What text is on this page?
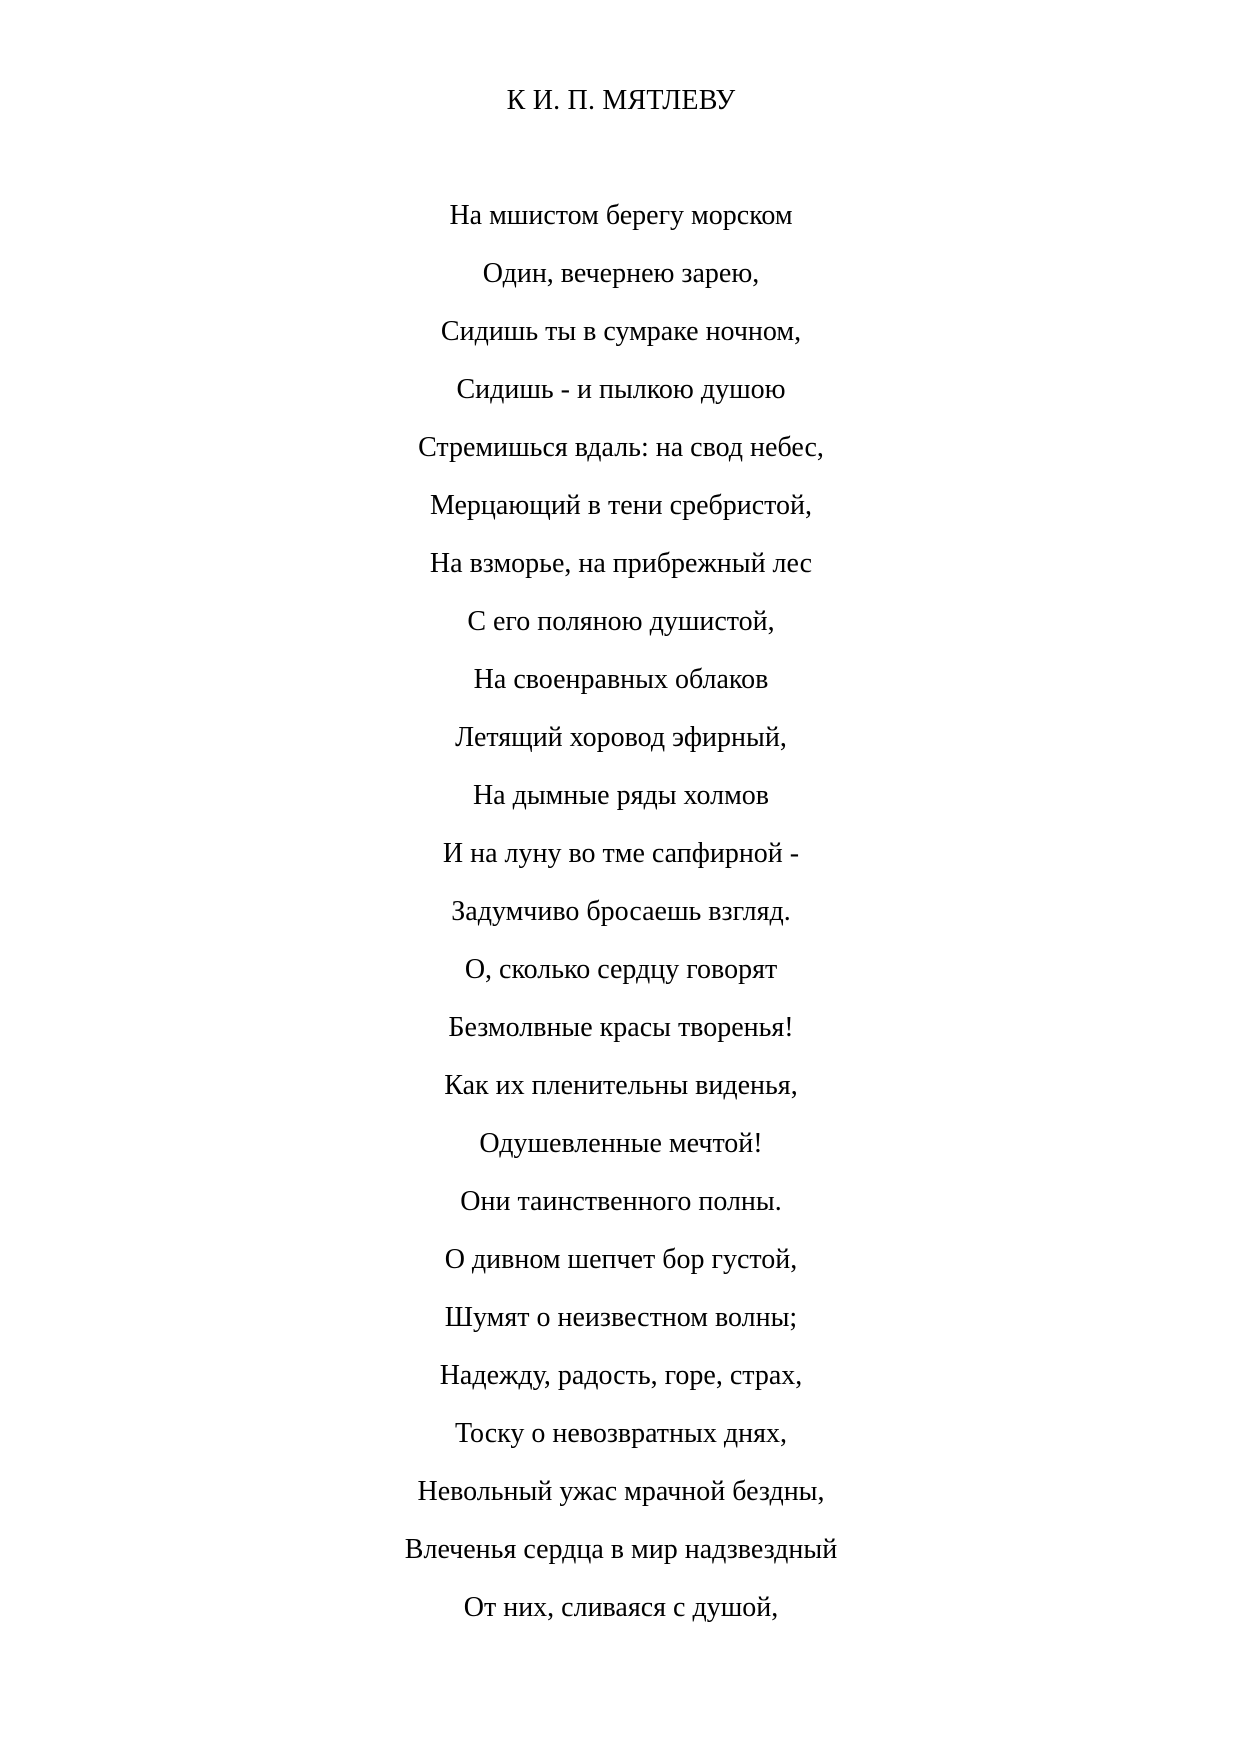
К И. П. МЯТЛЕВУ
На мшистом берегу морском
Один, вечернею зарею,
Сидишь ты в сумраке ночном,
Сидишь - и пылкою душою
Стремишься вдаль: на свод небес,
Мерцающий в тени сребристой,
На взморье, на прибрежный лес
С его поляною душистой,
На своенравных облаков
Летящий хоровод эфирный,
На дымные ряды холмов
И на луну во тме сапфирной -
Задумчиво бросаешь взгляд.
О, сколько сердцу говорят
Безмолвные красы творенья!
Как их пленительны виденья,
Одушевленные мечтой!
Они таинственного полны.
О дивном шепчет бор густой,
Шумят о неизвестном волны;
Надежду, радость, горе, страх,
Тоску о невозвратных днях,
Невольный ужас мрачной бездны,
Влеченья сердца в мир надзвездный
От них, сливаяся с душой,
